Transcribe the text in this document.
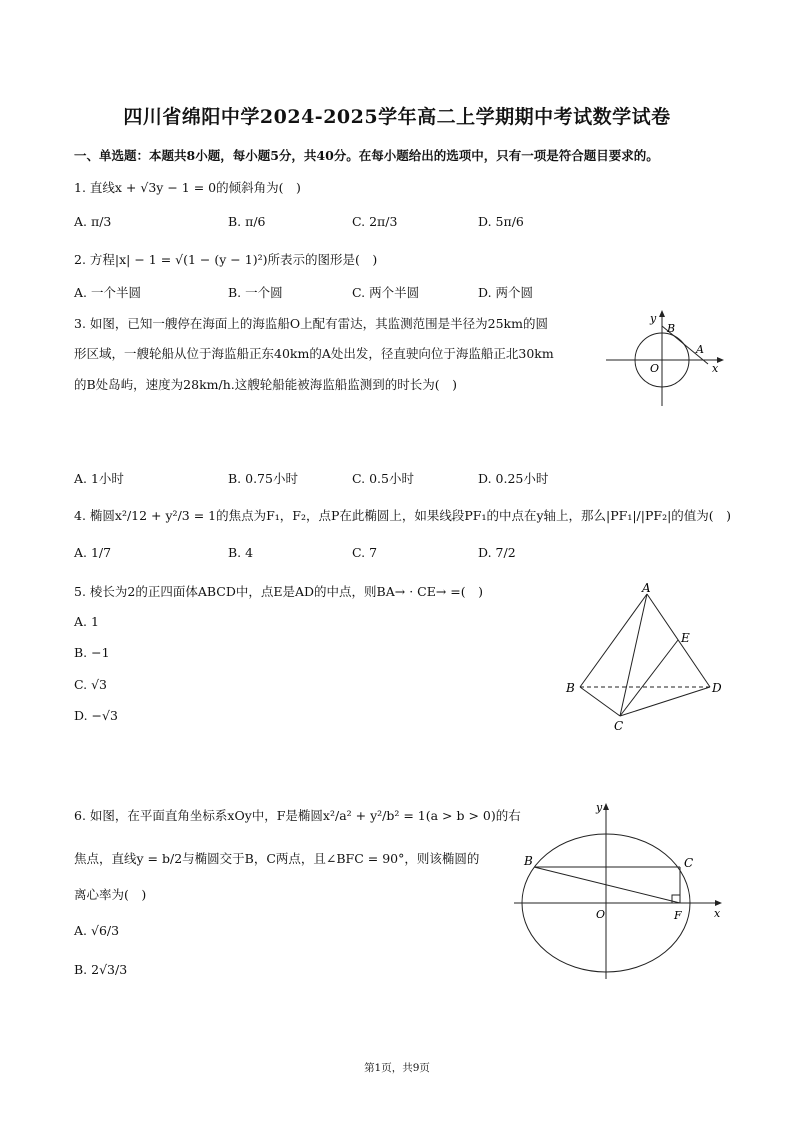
四川省绵阳中学2024-2025学年高二上学期期中考试数学试卷
一、单选题：本题共8小题，每小题5分，共40分。在每小题给出的选项中，只有一项是符合题目要求的。
1. 直线x + √3y − 1 = 0的倾斜角为(　)
A. π/3	B. π/6	C. 2π/3	D. 5π/6
2. 方程|x| − 1 = √(1 − (y − 1)²)所表示的图形是(　)
A. 一个半圆	B. 一个圆	C. 两个半圆	D. 两个圆
3. 如图，已知一艘停在海面上的海监船O上配有雷达，其监测范围是半径为25km的圆
形区域，一艘轮船从位于海监船正东40km的A处出发，径直驶向位于海监船正北30km
的B处岛屿，速度为28km/h.这艘轮船能被海监船监测到的时长为(　)
y
B
A
O	x
A. 1小时	B. 0.75小时	C. 0.5小时	D. 0.25小时
4. 椭圆x²/12 + y²/3 = 1的焦点为F₁，F₂，点P在此椭圆上，如果线段PF₁的中点在y轴上，那么|PF₁|/|PF₂|的值为(　)
A. 1/7	B. 4	C. 7	D. 7/2
5. 棱长为2的正四面体ABCD中，点E是AD的中点，则BA→ · CE→ =(　)
A. 1
B. −1
C. √3
D. −√3
A
B
C
D
E
6. 如图，在平面直角坐标系xOy中，F是椭圆x²/a² + y²/b² = 1(a > b > 0)的右
焦点，直线y = b/2与椭圆交于B，C两点，且∠BFC = 90°，则该椭圆的
离心率为(　)
A. √6/3
B. 2√3/3
y
B	C
O	F	x
第1页，共9页
